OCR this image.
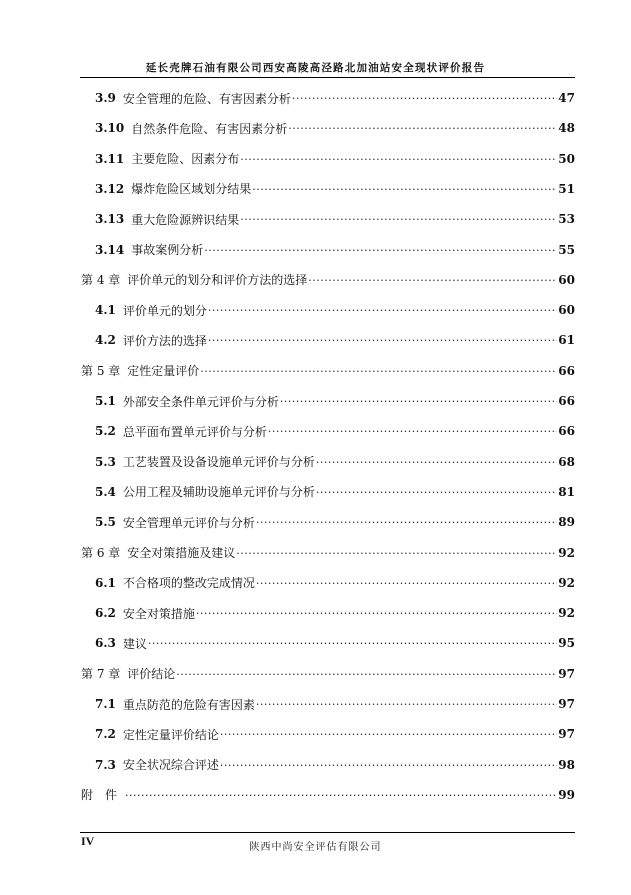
延长壳牌石油有限公司西安高陵高泾路北加油站安全现状评价报告
3.9 安全管理的危险、有害因素分析 .....	47
3.10 自然条件危险、有害因素分析 .....	48
3.11 主要危险、因素分布 .....	50
3.12 爆炸危险区域划分结果 .....	51
3.13 重大危险源辨识结果 .....	53
3.14 事故案例分析 .....	55
第 4 章 评价单元的划分和评价方法的选择 .....	60
4.1 评价单元的划分 .....	60
4.2 评价方法的选择 .....	61
第 5 章 定性定量评价 .....	66
5.1 外部安全条件单元评价与分析 .....	66
5.2 总平面布置单元评价与分析 .....	66
5.3 工艺装置及设备设施单元评价与分析 .....	68
5.4 公用工程及辅助设施单元评价与分析 .....	81
5.5 安全管理单元评价与分析 .....	89
第 6 章 安全对策措施及建议 .....	92
6.1 不合格项的整改完成情况 .....	92
6.2 安全对策措施 .....	92
6.3 建议 .....	95
第 7 章 评价结论 .....	97
7.1 重点防范的危险有害因素 .....	97
7.2 定性定量评价结论 .....	97
7.3 安全状况综合评述 .....	98
附　件 .....	99
IV	陕西中尚安全评估有限公司
